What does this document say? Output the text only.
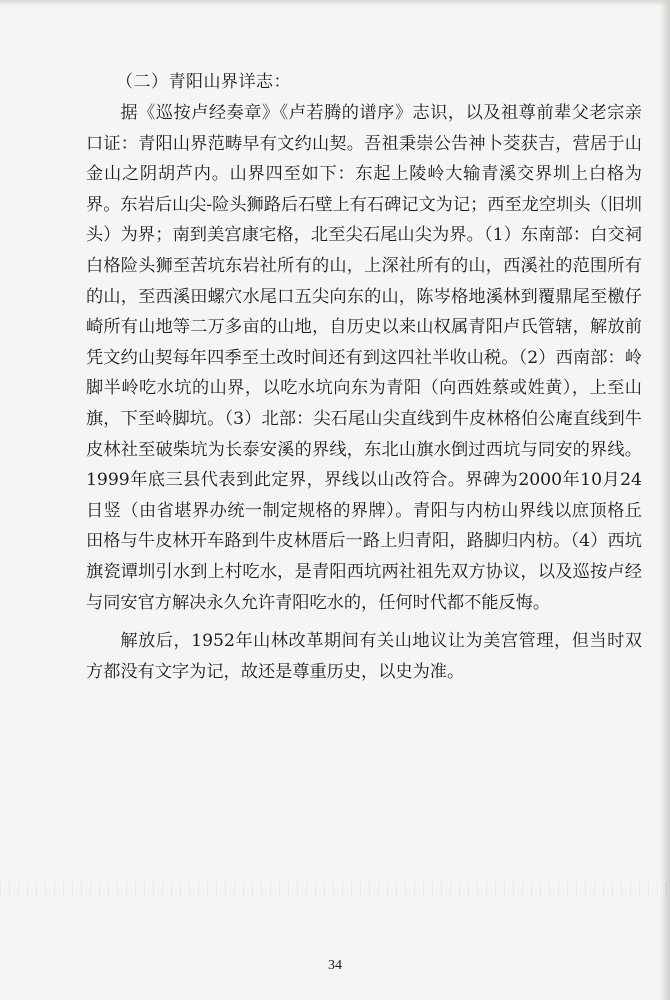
（二）青阳山界详志：

据《巡按卢经奏章》《卢若腾的谱序》志识，以及祖尊前辈父老宗亲口证：青阳山界范畴早有文约山契。吾祖秉崇公告神卜茭获吉，营居于山金山之阴胡芦内。山界四至如下：东起上陵岭大输青溪交界圳上白格为界。东岩后山尖-险头狮路后石壁上有石碑记文为记；西至龙空圳头（旧圳头）为界；南到美宫康宅格，北至尖石尾山尖为界。（1）东南部：白交祠白格险头狮至苦坑东岩社所有的山，上深社所有的山，西溪社的范围所有的山，至西溪田螺穴水尾口五尖向东的山，陈岑格地溪林到覆鼎尾至檄仔崎所有山地等二万多亩的山地，自历史以来山权属青阳卢氏管辖，解放前凭文约山契每年四季至土改时间还有到这四社半收山税。（2）西南部：岭脚半岭吃水坑的山界，以吃水坑向东为青阳（向西姓蔡或姓黄），上至山旗，下至岭脚坑。（3）北部：尖石尾山尖直线到牛皮林格伯公庵直线到牛皮林社至破柴坑为长泰安溪的界线，东北山旗水倒过西坑与同安的界线。1999年底三县代表到此定界，界线以山改符合。界碑为2000年10月24日竖（由省堪界办统一制定规格的界牌）。青阳与内枋山界线以庶顶格丘田格与牛皮林开车路到牛皮林厝后一路上归青阳，路脚归内枋。（4）西坑旗瓷谭圳引水到上村吃水，是青阳西坑两社祖先双方协议，以及巡按卢经与同安官方解决永久允许青阳吃水的，任何时代都不能反悔。

解放后，1952年山林改革期间有关山地议让为美宫管理，但当时双方都没有文字为记，故还是尊重历史，以史为准。

34
